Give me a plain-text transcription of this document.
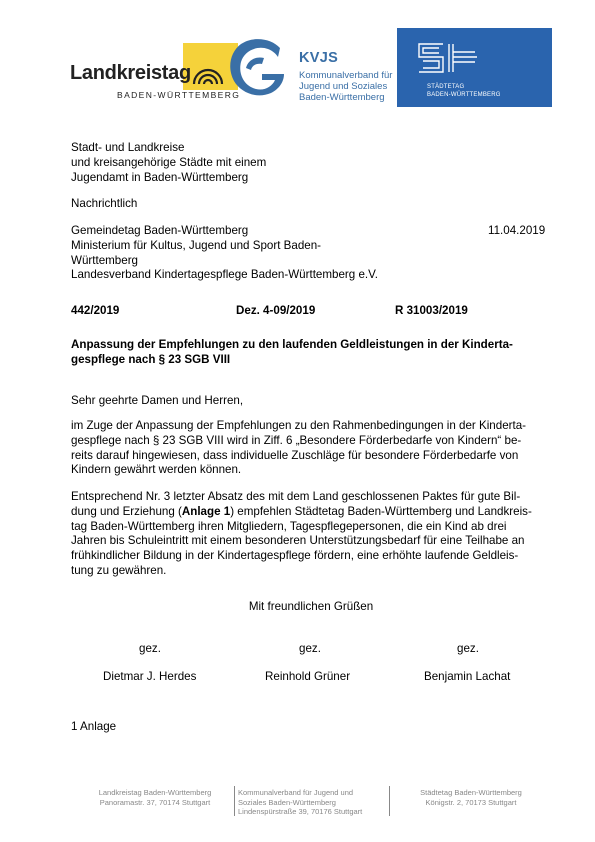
Landkreistag
BADEN-WÜRTTEMBERG
KVJS
Kommunalverband für
Jugend und Soziales
Baden-Württemberg
STÄDTETAG
BADEN-WÜRTTEMBERG
Stadt- und Landkreise
und kreisangehörige Städte mit einem
Jugendamt in Baden-Württemberg
Nachrichtlich
Gemeindetag Baden-Württemberg
Ministerium für Kultus, Jugend und Sport Baden-
Württemberg
Landesverband Kindertagespflege Baden-Württemberg e.V.
11.04.2019
442/2019	Dez. 4-09/2019	R 31003/2019
Anpassung der Empfehlungen zu den laufenden Geldleistungen in der Kinderta-
gespflege nach § 23 SGB VIII
Sehr geehrte Damen und Herren,
im Zuge der Anpassung der Empfehlungen zu den Rahmenbedingungen in der Kinderta-
gespflege nach § 23 SGB VIII wird in Ziff. 6 „Besondere Förderbedarfe von Kindern“ be-
reits darauf hingewiesen, dass individuelle Zuschläge für besondere Förderbedarfe von
Kindern gewährt werden können.
Entsprechend Nr. 3 letzter Absatz des mit dem Land geschlossenen Paktes für gute Bil-
dung und Erziehung (Anlage 1) empfehlen Städtetag Baden-Württemberg und Landkreis-
tag Baden-Württemberg ihren Mitgliedern, Tagespflegepersonen, die ein Kind ab drei
Jahren bis Schuleintritt mit einem besonderen Unterstützungsbedarf für eine Teilhabe an
frühkindlicher Bildung in der Kindertagespflege fördern, eine erhöhte laufende Geldleis-
tung zu gewähren.
Mit freundlichen Grüßen
gez.	gez.	gez.
Dietmar J. Herdes	Reinhold Grüner	Benjamin Lachat
1 Anlage
Landkreistag Baden-Württemberg
Panoramastr. 37, 70174 Stuttgart
Kommunalverband für Jugend und
Soziales Baden-Württemberg
Lindenspürstraße 39, 70176 Stuttgart
Städtetag Baden-Württemberg
Königstr. 2, 70173 Stuttgart
